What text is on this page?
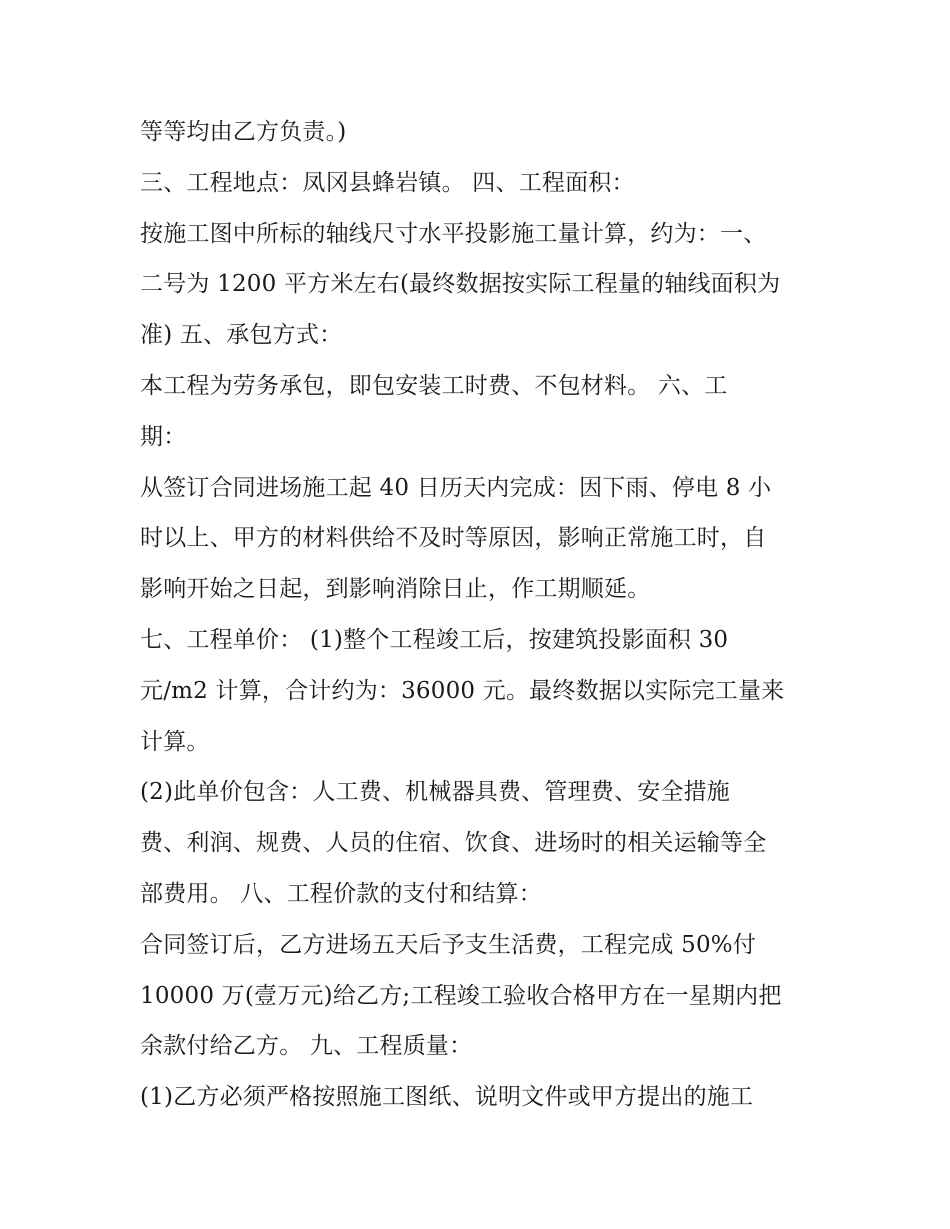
等等均由乙方负责。)
三、工程地点：凤冈县蜂岩镇。 四、工程面积：
按施工图中所标的轴线尺寸水平投影施工量计算，约为：一、
二号为 1200 平方米左右(最终数据按实际工程量的轴线面积为
准) 五、承包方式：
本工程为劳务承包，即包安装工时费、不包材料。 六、工
期：
从签订合同进场施工起 40 日历天内完成：因下雨、停电 8 小
时以上、甲方的材料供给不及时等原因，影响正常施工时，自
影响开始之日起，到影响消除日止，作工期顺延。
七、工程单价： (1)整个工程竣工后，按建筑投影面积 30
元/m2 计算，合计约为：36000 元。最终数据以实际完工量来
计算。
(2)此单价包含：人工费、机械器具费、管理费、安全措施
费、利润、规费、人员的住宿、饮食、进场时的相关运输等全
部费用。 八、工程价款的支付和结算：
合同签订后，乙方进场五天后予支生活费，工程完成 50%付
10000 万(壹万元)给乙方;工程竣工验收合格甲方在一星期内把
余款付给乙方。 九、工程质量：
(1)乙方必须严格按照施工图纸、说明文件或甲方提出的施工
